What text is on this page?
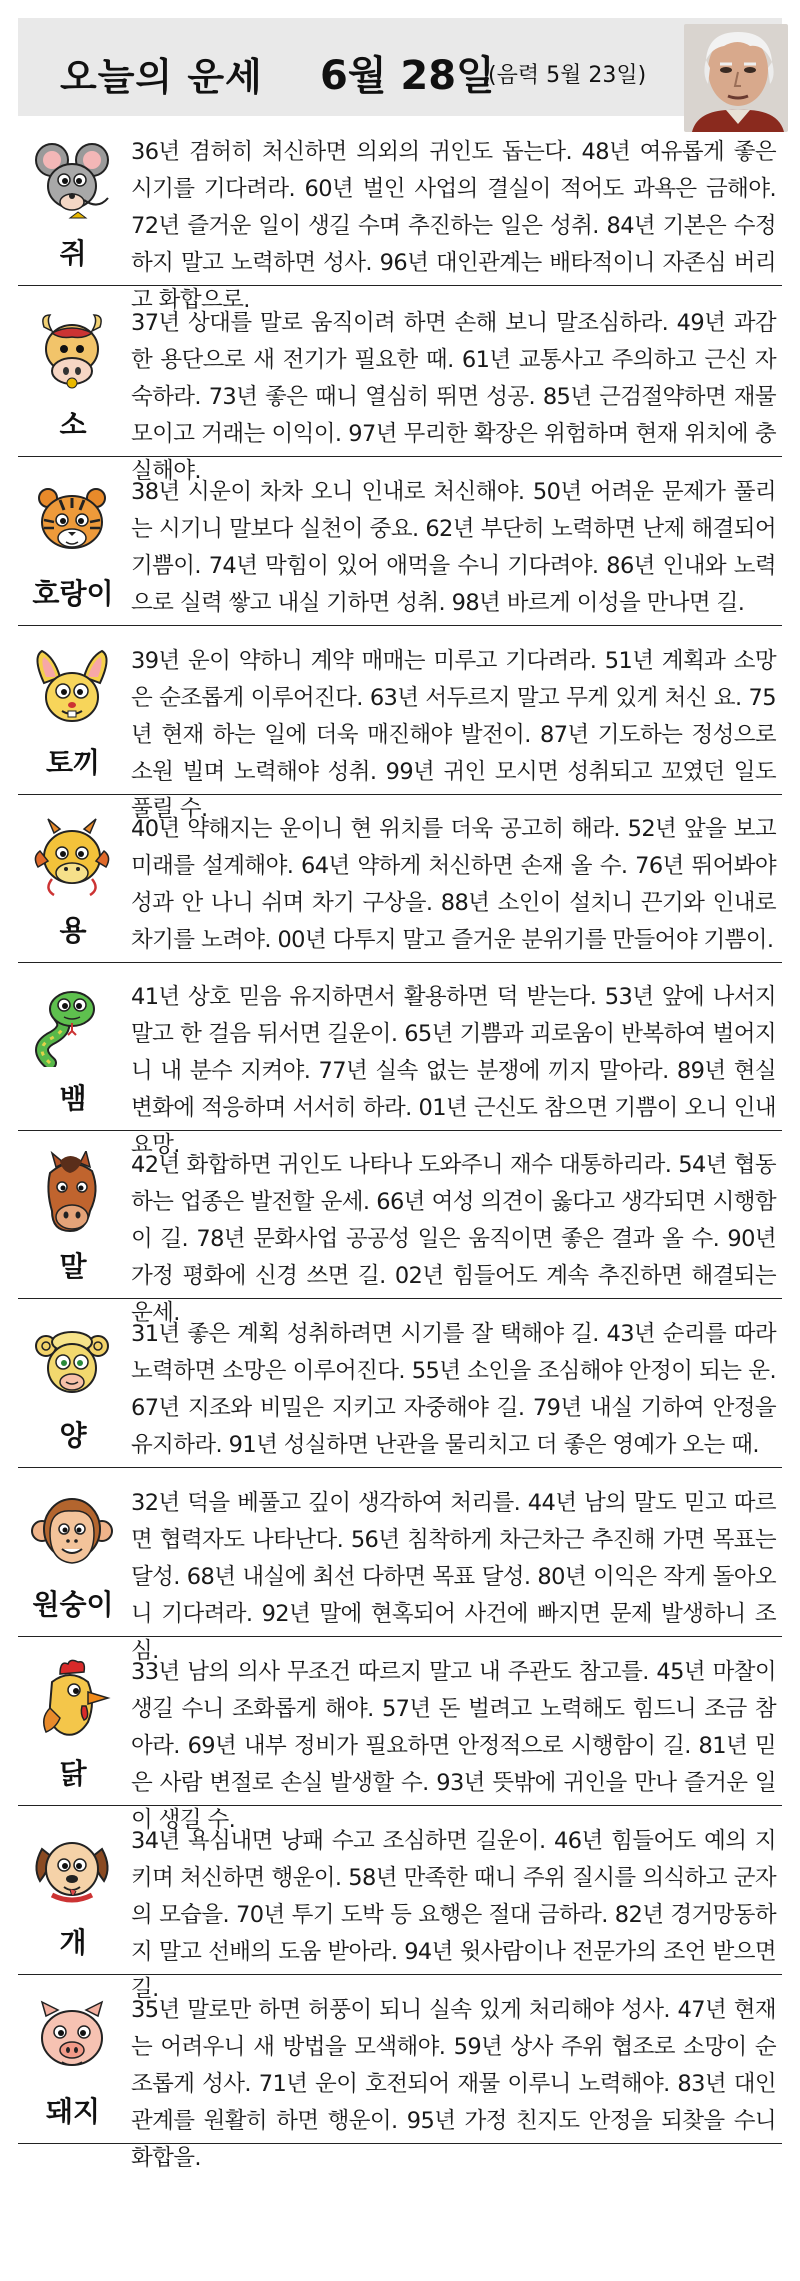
오늘의 운세 6월 28일
(음력 5월 23일)
쥐
36년 겸허히 처신하면 의외의 귀인도 돕는다. 48년 여유롭게 좋은 시기를 기다려라. 60년 벌인 사업의 결실이 적어도 과욕은 금해야. 72년 즐거운 일이 생길 수며 추진하는 일은 성취. 84년 기본은 수정하지 말고 노력하면 성사. 96년 대인관계는 배타적이니 자존심 버리고 화합으로.
소
37년 상대를 말로 움직이려 하면 손해 보니 말조심하라. 49년 과감한 용단으로 새 전기가 필요한 때. 61년 교통사고 주의하고 근신 자숙하라. 73년 좋은 때니 열심히 뛰면 성공. 85년 근검절약하면 재물 모이고 거래는 이익이. 97년 무리한 확장은 위험하며 현재 위치에 충실해야.
호랑이
38년 시운이 차차 오니 인내로 처신해야. 50년 어려운 문제가 풀리는 시기니 말보다 실천이 중요. 62년 부단히 노력하면 난제 해결되어 기쁨이. 74년 막힘이 있어 애먹을 수니 기다려야. 86년 인내와 노력으로 실력 쌓고 내실 기하면 성취. 98년 바르게 이성을 만나면 길.
토끼
39년 운이 약하니 계약 매매는 미루고 기다려라. 51년 계획과 소망은 순조롭게 이루어진다. 63년 서두르지 말고 무게 있게 처신 요. 75년 현재 하는 일에 더욱 매진해야 발전이. 87년 기도하는 정성으로 소원 빌며 노력해야 성취. 99년 귀인 모시면 성취되고 꼬였던 일도 풀릴 수.
용
40년 약해지는 운이니 현 위치를 더욱 공고히 해라. 52년 앞을 보고 미래를 설계해야. 64년 약하게 처신하면 손재 올 수. 76년 뛰어봐야 성과 안 나니 쉬며 차기 구상을. 88년 소인이 설치니 끈기와 인내로 차기를 노려야. 00년 다투지 말고 즐거운 분위기를 만들어야 기쁨이.
뱀
41년 상호 믿음 유지하면서 활용하면 덕 받는다. 53년 앞에 나서지 말고 한 걸음 뒤서면 길운이. 65년 기쁨과 괴로움이 반복하여 벌어지니 내 분수 지켜야. 77년 실속 없는 분쟁에 끼지 말아라. 89년 현실 변화에 적응하며 서서히 하라. 01년 근신도 참으면 기쁨이 오니 인내 요망.
말
42년 화합하면 귀인도 나타나 도와주니 재수 대통하리라. 54년 협동하는 업종은 발전할 운세. 66년 여성 의견이 옳다고 생각되면 시행함이 길. 78년 문화사업 공공성 일은 움직이면 좋은 결과 올 수. 90년 가정 평화에 신경 쓰면 길. 02년 힘들어도 계속 추진하면 해결되는 운세.
양
31년 좋은 계획 성취하려면 시기를 잘 택해야 길. 43년 순리를 따라 노력하면 소망은 이루어진다. 55년 소인을 조심해야 안정이 되는 운. 67년 지조와 비밀은 지키고 자중해야 길. 79년 내실 기하여 안정을 유지하라. 91년 성실하면 난관을 물리치고 더 좋은 영예가 오는 때.
원숭이
32년 덕을 베풀고 깊이 생각하여 처리를. 44년 남의 말도 믿고 따르면 협력자도 나타난다. 56년 침착하게 차근차근 추진해 가면 목표는 달성. 68년 내실에 최선 다하면 목표 달성. 80년 이익은 작게 돌아오니 기다려라. 92년 말에 현혹되어 사건에 빠지면 문제 발생하니 조심.
닭
33년 남의 의사 무조건 따르지 말고 내 주관도 참고를. 45년 마찰이 생길 수니 조화롭게 해야. 57년 돈 벌려고 노력해도 힘드니 조금 참아라. 69년 내부 정비가 필요하면 안정적으로 시행함이 길. 81년 믿은 사람 변절로 손실 발생할 수. 93년 뜻밖에 귀인을 만나 즐거운 일이 생길 수.
개
34년 욕심내면 낭패 수고 조심하면 길운이. 46년 힘들어도 예의 지키며 처신하면 행운이. 58년 만족한 때니 주위 질시를 의식하고 군자의 모습을. 70년 투기 도박 등 요행은 절대 금하라. 82년 경거망동하지 말고 선배의 도움 받아라. 94년 윗사람이나 전문가의 조언 받으면 길.
돼지
35년 말로만 하면 허풍이 되니 실속 있게 처리해야 성사. 47년 현재는 어려우니 새 방법을 모색해야. 59년 상사 주위 협조로 소망이 순조롭게 성사. 71년 운이 호전되어 재물 이루니 노력해야. 83년 대인관계를 원활히 하면 행운이. 95년 가정 친지도 안정을 되찾을 수니 화합을.
